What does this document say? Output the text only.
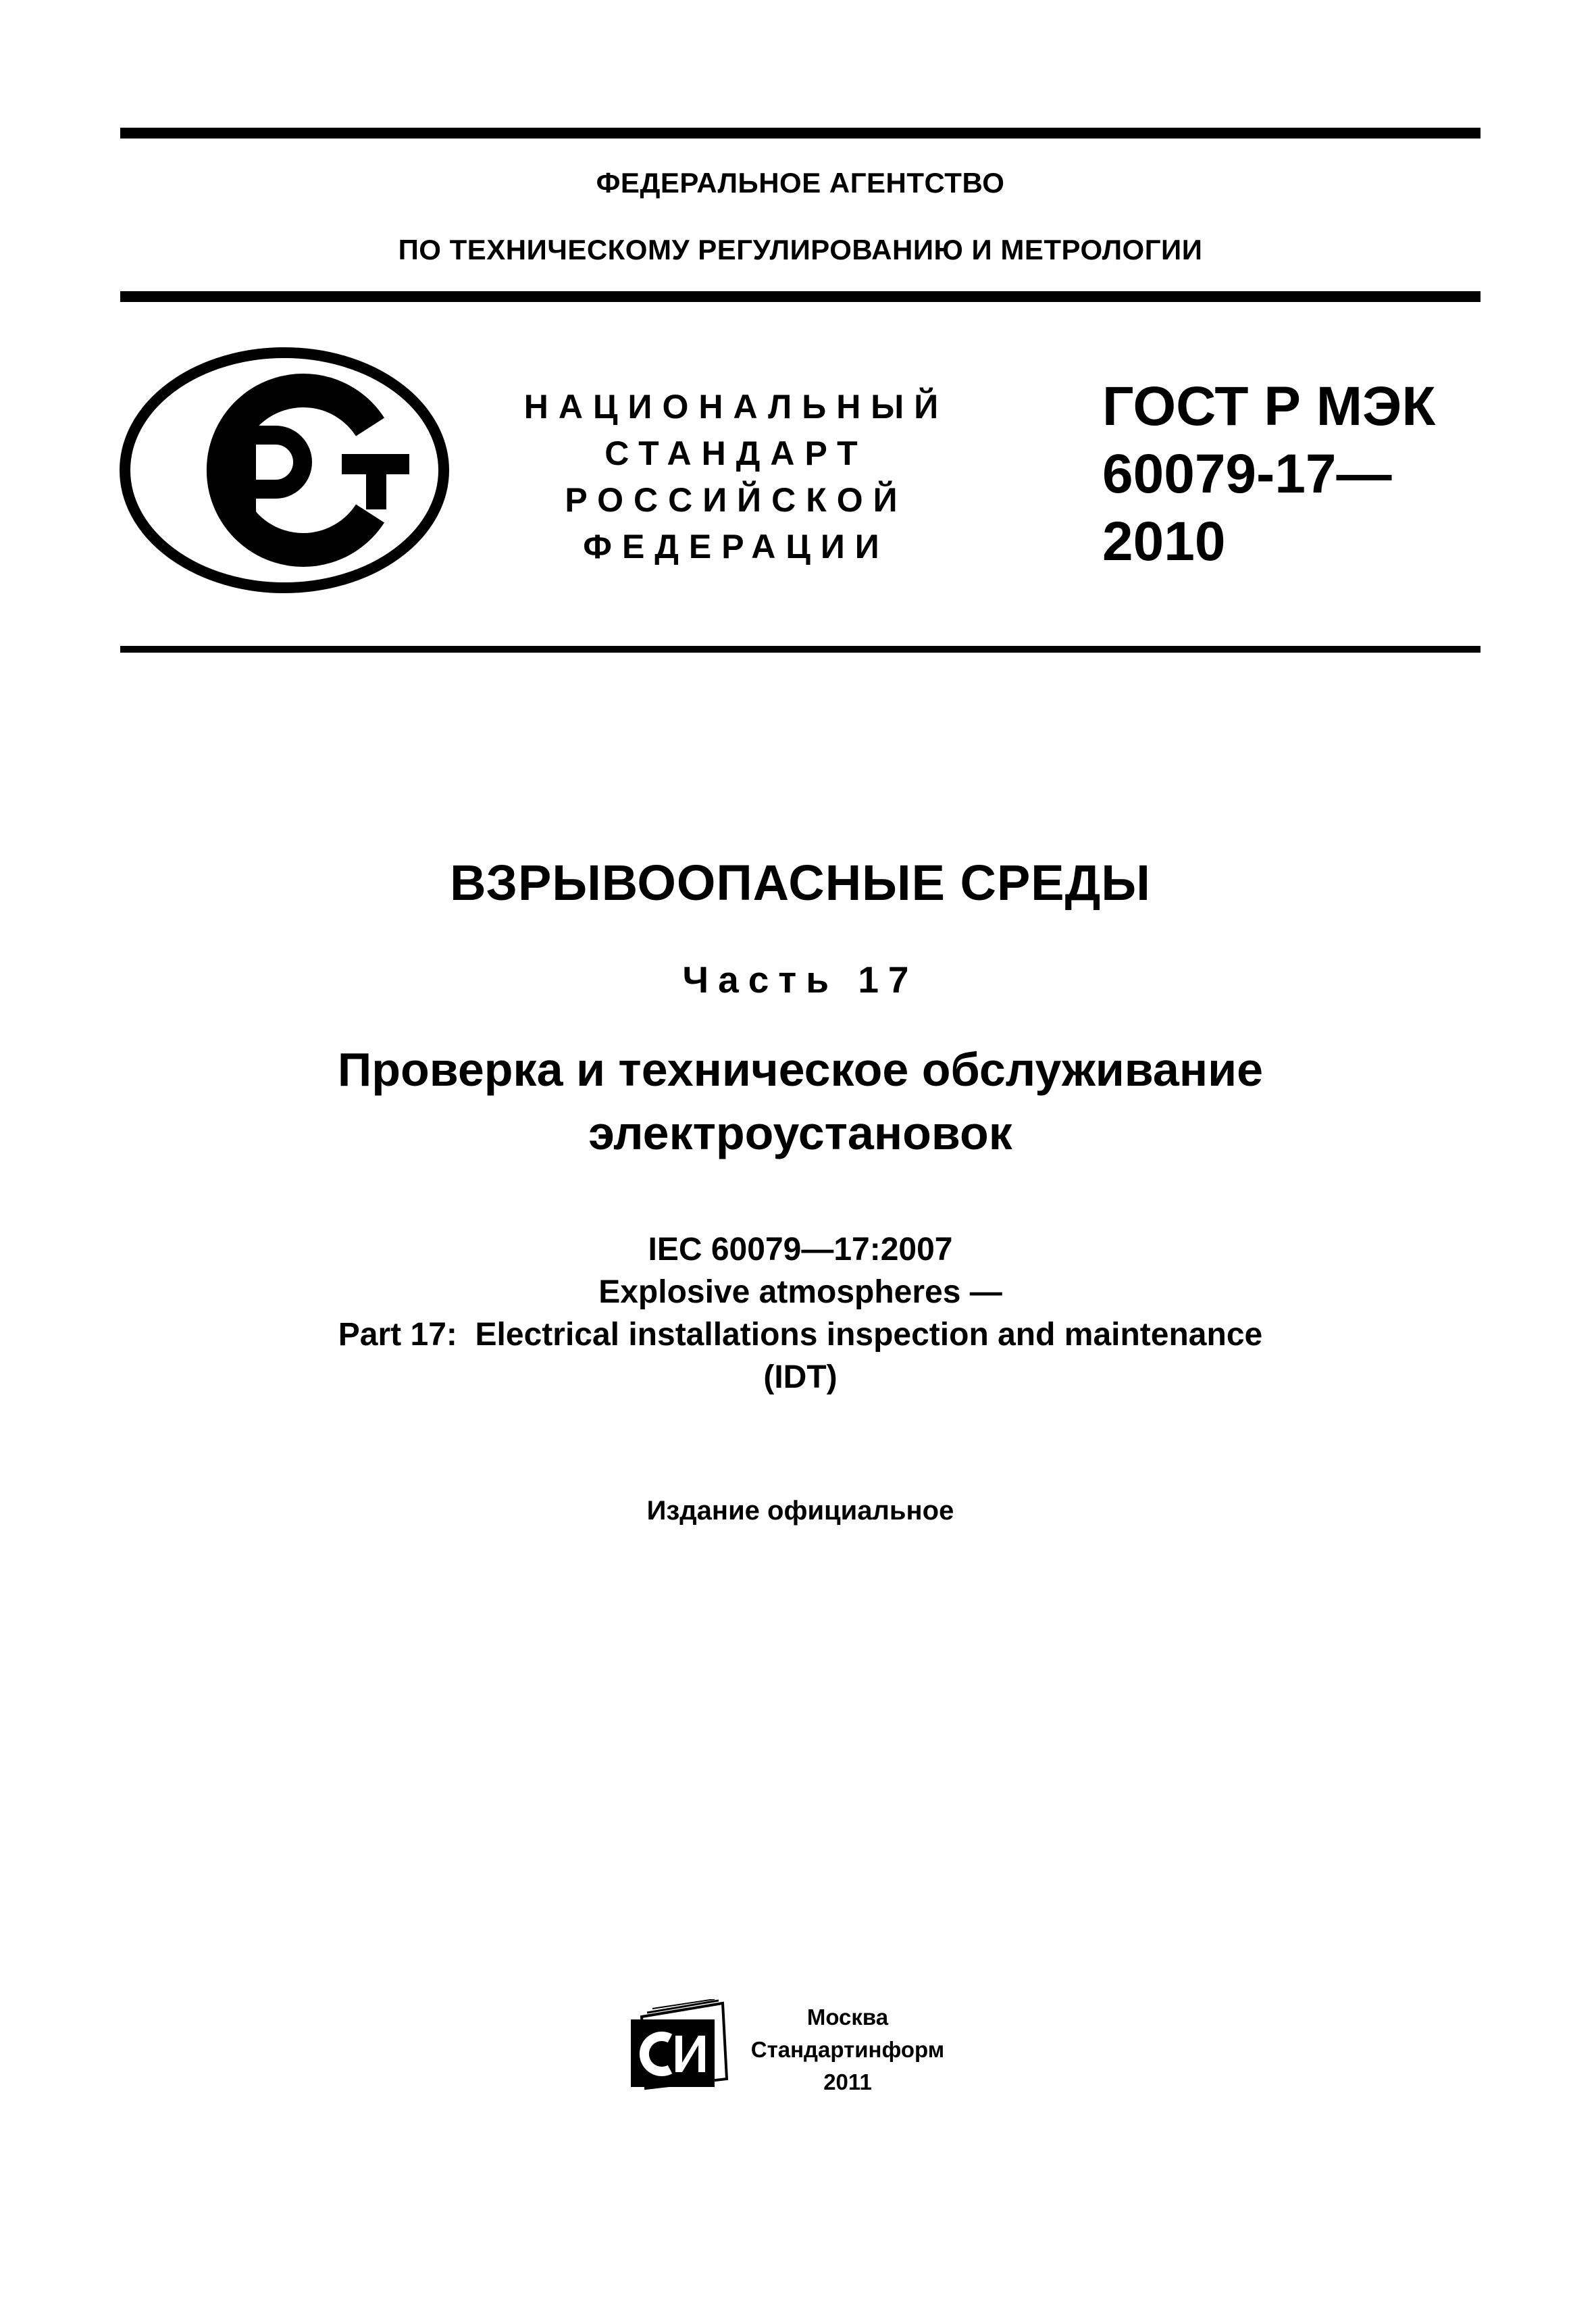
ФЕДЕРАЛЬНОЕ АГЕНТСТВО
ПО ТЕХНИЧЕСКОМУ РЕГУЛИРОВАНИЮ И МЕТРОЛОГИИ
НАЦИОНАЛЬНЫЙ
СТАНДАРТ
РОССИЙСКОЙ
ФЕДЕРАЦИИ
ГОСТ Р МЭК
60079-17—
2010
ВЗРЫВООПАСНЫЕ СРЕДЫ
Часть 17
Проверка и техническое обслуживание
электроустановок
IEC 60079—17:2007
Explosive atmospheres —
Part 17:  Electrical installations inspection and maintenance
(IDT)
Издание официальное
Москва
Стандартинформ
2011
